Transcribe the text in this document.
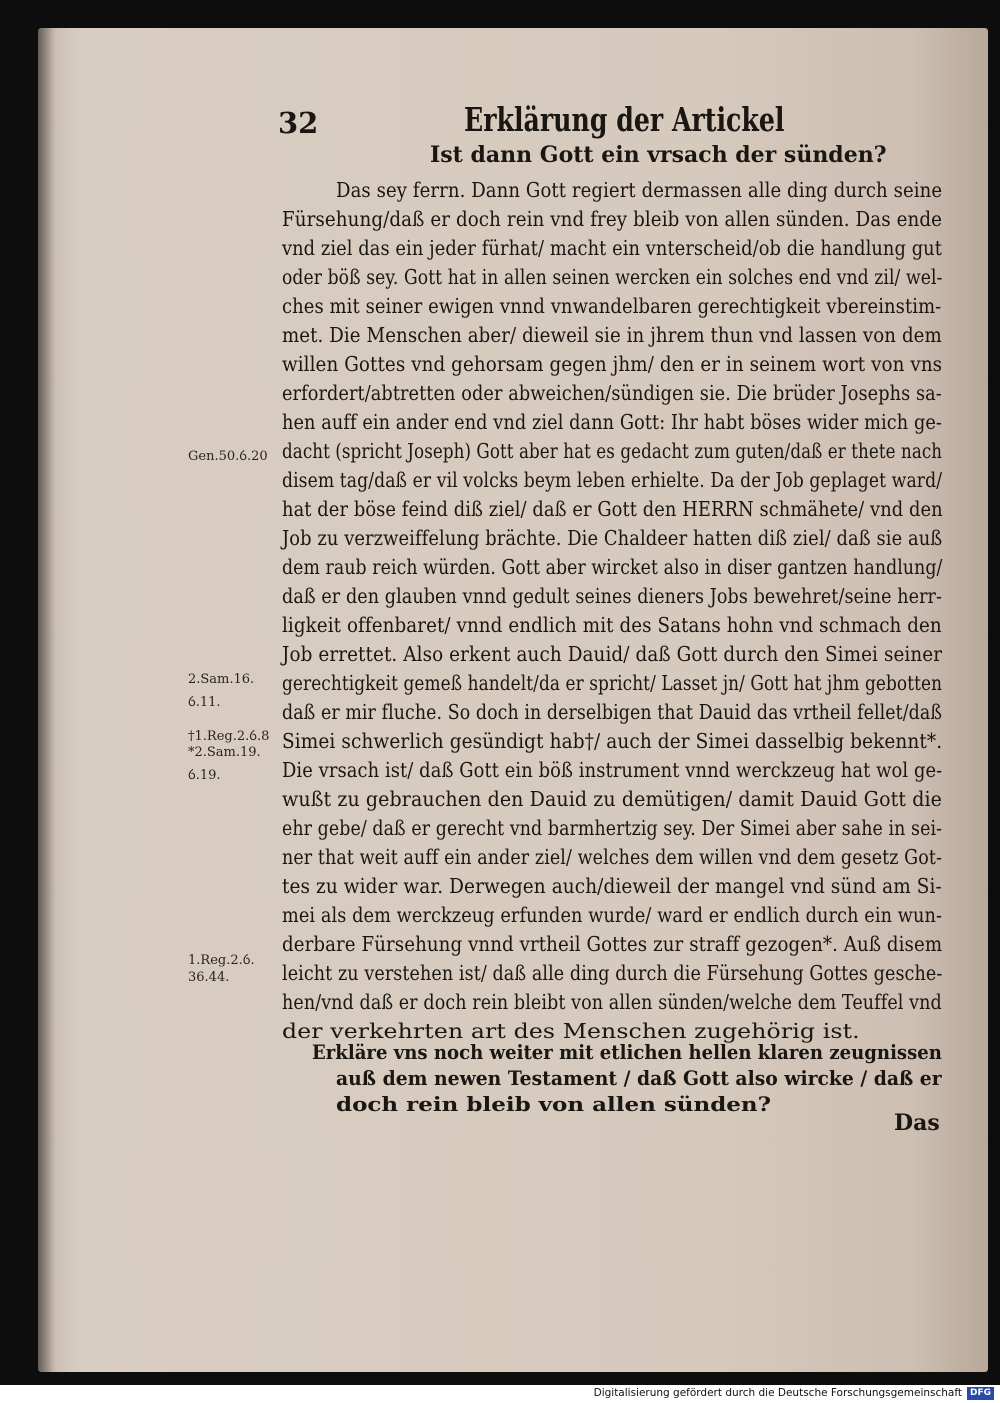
32	Erklärung der Artickel
Ist dann Gott ein vrsach der sünden?
Das sey ferrn. Dann Gott regiert dermassen alle ding durch seine
Fürsehung/daß er doch rein vnd frey bleib von allen sünden. Das ende
vnd ziel das ein jeder fürhat/ macht ein vnterscheid/ob die handlung gut
oder böß sey. Gott hat in allen seinen wercken ein solches end vnd zil/ wel-
ches mit seiner ewigen vnnd vnwandelbaren gerechtigkeit vbereinstim-
met. Die Menschen aber/ dieweil sie in jhrem thun vnd lassen von dem
willen Gottes vnd gehorsam gegen jhm/ den er in seinem wort von vns
erfordert/abtretten oder abweichen/sündigen sie. Die brüder Josephs sa-
hen auff ein ander end vnd ziel dann Gott: Ihr habt böses wider mich ge-
dacht (spricht Joseph) Gott aber hat es gedacht zum guten/daß er thete nach
disem tag/daß er vil volcks beym leben erhielte. Da der Job geplaget ward/
hat der böse feind diß ziel/ daß er Gott den HERRN schmähete/ vnd den
Job zu verzweiffelung brächte. Die Chaldeer hatten diß ziel/ daß sie auß
dem raub reich würden. Gott aber wircket also in diser gantzen handlung/
daß er den glauben vnnd gedult seines dieners Jobs bewehret/seine herr-
ligkeit offenbaret/ vnnd endlich mit des Satans hohn vnd schmach den
Job errettet. Also erkent auch Dauid/ daß Gott durch den Simei seiner
gerechtigkeit gemeß handelt/da er spricht/ Lasset jn/ Gott hat jhm gebotten
daß er mir fluche. So doch in derselbigen that Dauid das vrtheil fellet/daß
Simei schwerlich gesündigt hab†/ auch der Simei dasselbig bekennt*.
Die vrsach ist/ daß Gott ein böß instrument vnnd werckzeug hat wol ge-
wußt zu gebrauchen den Dauid zu demütigen/ damit Dauid Gott die
ehr gebe/ daß er gerecht vnd barmhertzig sey. Der Simei aber sahe in sei-
ner that weit auff ein ander ziel/ welches dem willen vnd dem gesetz Got-
tes zu wider war. Derwegen auch/dieweil der mangel vnd sünd am Si-
mei als dem werckzeug erfunden wurde/ ward er endlich durch ein wun-
derbare Fürsehung vnnd vrtheil Gottes zur straff gezogen*. Auß disem
leicht zu verstehen ist/ daß alle ding durch die Fürsehung Gottes gesche-
hen/vnd daß er doch rein bleibt von allen sünden/welche dem Teuffel vnd
der verkehrten art des Menschen zugehörig ist.
Erkläre vns noch weiter mit etlichen hellen klaren zeugnissen
auß dem newen Testament / daß Gott also wircke / daß er
doch rein bleib von allen sünden?
Das
Gen.50.ỽ.20
2.Sam.16.
ỽ.11.
†1.Reg.2.ỽ.8
*2.Sam.19.
ỽ.19.
1.Reg.2.ỽ.
36.44.
Digitalisierung gefördert durch die Deutsche Forschungsgemeinschaft DFG
